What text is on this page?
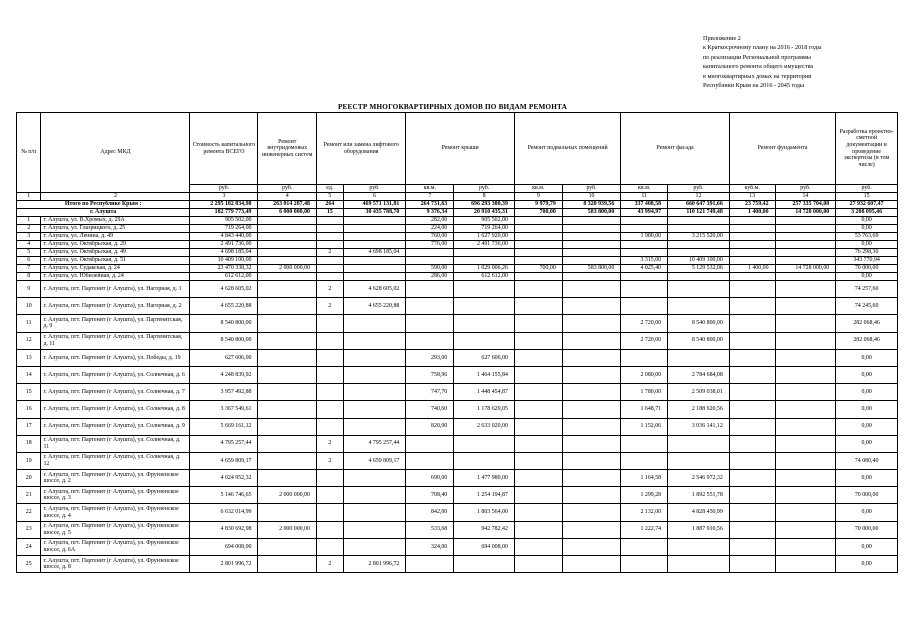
Приложение 2
к Краткосрочному плану на 2016 - 2018 годы
по реализации Региональной программы
капитального ремонта общего имущества
в многоквартирных домах на территории
Республики Крым на 2016 - 2045 годы
РЕЕСТР МНОГОКВАРТИРНЫХ ДОМОВ ПО ВИДАМ РЕМОНТА
№ п/п	Адрес МКД	Стоимость капитального ремонта ВСЕГО	Ремонт внутридомовых инженерных систем	Ремонт или замена лифтового оборудования		Ремонт крыши		Ремонт подвальных помещений		Ремонт фасада		Ремонт фундамента		Разработка проектно-сметной документации и проведение экспертизы (в том числе)
		руб.	руб.	ед.	руб.	кв.м.	руб.	кв.м.	руб.	кв.м.	руб.	куб.м.	руб.	руб.
1	2	3	4	5	6	7	8	9	10	11	12	13	14	15
Итого по Республике Крым :		2 295 182 834,98	263 014 287,48	264	469 571 131,81	264 731,63	696 293 380,39	9 979,79	8 320 939,56	337 408,58	660 647 391,66	23 759,42	257 335 704,08	27 932 607,47
г. Алушта		182 779 773,49	6 000 000,00	15	30 435 788,70	9 376,34	20 910 435,31	700,00	583 800,00	43 994,97	110 121 749,48	1 400,00	14 728 000,00	3 208 095,46
1	г. Алушта, ул. В.Хромых, д. 29А	905 502,00				282,00	905 502,00							0,00
2	г. Алушта, ул. Глазрицкого, д. 25	719 264,00				224,00	719 264,00							0,00
3	г. Алушта, ул. Ленина, д. 49	4 843 440,00				760,00	1 627 920,00			1 980,00	3 215 520,00			53 763,69
4	г. Алушта, ул. Октябрьская, д. 29	2 491 736,00				776,00	2 491 736,00							0,00
5	г. Алушта, ул. Октябрьская, д. 49	4 698 185,04		2	4 698 185,04									76 298,30
6	г. Алушта, ул. Октябрьская, д. 51	10 409 100,00								3 315,00	10 409 100,00			343 770,94
7	г. Алушта, ул. Судакская, д. 24	23 470 338,32	2 000 000,00			590,00	1 029 006,26	700,00	583 800,00	4 025,40	5 129 532,06	1 400,00	14 728 000,00	70 000,00
8	г. Алушта, ул. Юбилейная, д. 24	612 612,00				286,00	612 612,00							0,00
9	г. Алушта, пгт. Партенит (г Алушта), ул. Нагорная, д. 1	4 628 605,02		2	4 628 605,02									74 257,60
10	г. Алушта, пгт. Партенит (г Алушта), ул. Нагорная, д. 2	4 655 220,88		2	4 655 220,88									74 245,60
11	г. Алушта, пгт. Партенит (г Алушта), ул. Партенитская, д. 9	8 540 800,00								2 720,00	8 540 800,00			282 068,46
12	г. Алушта, пгт. Партенит (г Алушта), ул. Партенитская, д. 11	8 540 800,00								2 720,00	8 540 800,00			282 068,46
13	г. Алушта, пгт. Партенит (г Алушта), ул. Победы, д. 19	627 606,00				293,00	627 606,00							0,00
14	г. Алушта, пгт. Партенит (г Алушта), ул. Солнечная, д. 6	4 248 839,92				758,96	1 464 155,84			2 080,00	2 784 684,08			0,00
15	г. Алушта, пгт. Партенит (г Алушта), ул. Солнечная, д. 7	3 957 492,88				747,70	1 448 454,87			1 780,00	2 509 038,01			0,00
16	г. Алушта, пгт. Партенит (г Алушта), ул. Солнечная, д. 8	3 367 549,61				740,60	1 178 629,05			1 648,71	2 188 920,56			0,00
17	г. Алушта, пгт. Партенит (г Алушта), ул. Солнечная, д. 9	5 669 161,12				820,00	2 633 020,00			1 152,06	3 036 141,12			0,00
18	г. Алушта, пгт. Партенит (г Алушта), ул. Солнечная, д. 11	4 795 257,44		2	4 795 257,44									0,00
19	г. Алушта, пгт. Партенит (г Алушта), ул. Солнечная, д. 12	4 659 809,17		2	4 659 809,17									74 080,40
20	г. Алушта, пгт. Партенит (г Алушта), ул. Фрунзенское шоссе, д. 2	4 024 952,32				690,00	1 477 980,00			1 164,58	2 546 972,32			0,00
21	г. Алушта, пгт. Партенит (г Алушта), ул. Фрунзенское шоссе, д. 3	5 146 746,65	2 000 000,00			708,40	1 254 194,87			1 299,28	1 892 551,78			70 000,00
22	г. Алушта, пгт. Партенит (г Алушта), ул. Фрунзенское шоссе, д. 4	6 632 014,99				842,00	1 803 564,00			2 132,00	4 828 450,99			0,00
23	г. Алушта, пгт. Партенит (г Алушта), ул. Фрунзенское шоссе, д. 5	4 830 692,98	2 000 000,00			533,68	942 782,42			1 222,74	1 887 910,56			70 000,00
24	г. Алушта, пгт. Партенит (г Алушта), ул. Фрунзенское шоссе, д. 6А	694 008,00				324,00	694 008,00							0,00
25	г. Алушта, пгт. Партенит (г Алушта), ул. Фрунзенское шоссе, д. 8	2 801 996,72		2	2 801 996,72									0,00
